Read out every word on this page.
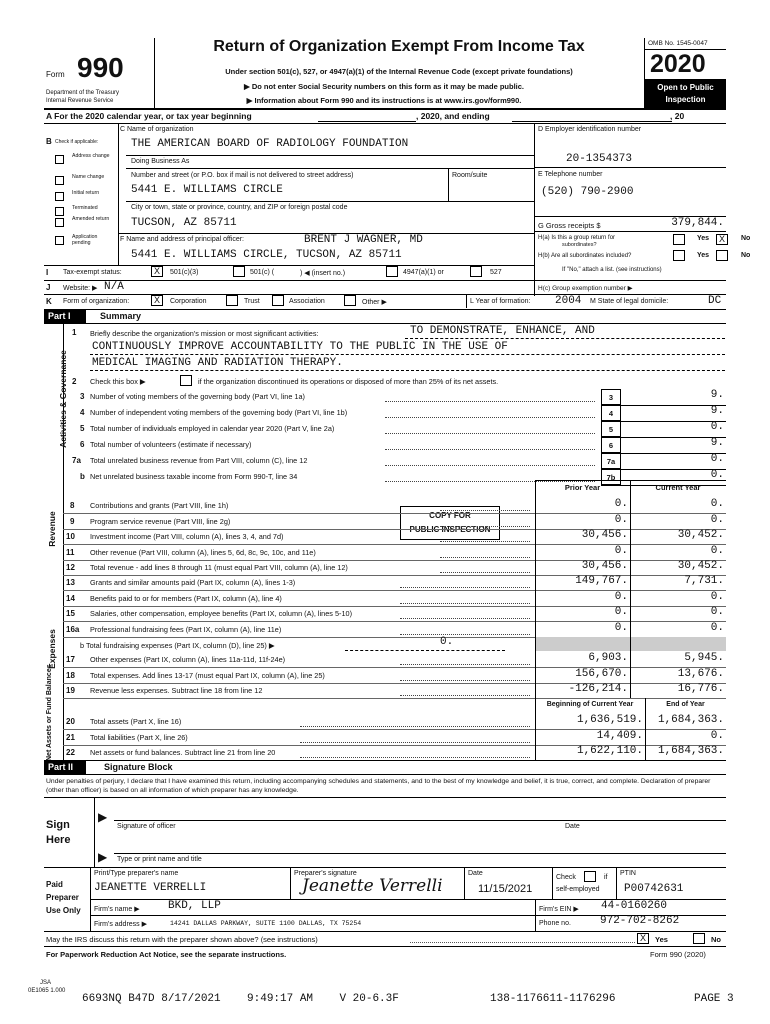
Form 990
Department of the Treasury
Internal Revenue Service
Return of Organization Exempt From Income Tax
Under section 501(c), 527, or 4947(a)(1) of the Internal Revenue Code (except private foundations)
▶ Do not enter Social Security numbers on this form as it may be made public.
▶ Information about Form 990 and its instructions is at www.irs.gov/form990.
OMB No. 1545-0047
2020
Open to Public
Inspection
A For the 2020 calendar year, or tax year beginning	, 2020, and ending	, 20
B Check if applicable:
Address change
Name change
Initial return
Terminated
Amended return
Application pending
C Name of organization
THE AMERICAN BOARD OF RADIOLOGY FOUNDATION
Doing Business As
Number and street (or P.O. box if mail is not delivered to street address)	Room/suite
5441 E. WILLIAMS CIRCLE
City or town, state or province, country, and ZIP or foreign postal code
TUCSON, AZ 85711
F Name and address of principal officer:	BRENT J WAGNER, MD
5441 E. WILLIAMS CIRCLE, TUCSON, AZ 85711
D Employer identification number
20-1354373
E Telephone number
(520) 790-2900
G Gross receipts $	379,844.
H(a) Is this a group return for
subordinates?
Yes	X	No
H(b) Are all subordinates included?	Yes	No
If "No," attach a list. (see instructions)
I Tax-exempt status:	X	501(c)(3)	501(c) (	) ◀ (insert no.)	4947(a)(1) or	527
J Website: ▶ N/A	H(c) Group exemption number ▶
K Form of organization:	X	Corporation	Trust	Association	Other ▶	L Year of formation: 2004 M State of legal domicile:	DC
Part I	Summary
Activities & Governance
Revenue
Expenses
Net Assets or Fund Balances
1 Briefly describe the organization's mission or most significant activities:	TO DEMONSTRATE, ENHANCE, AND
CONTINUOUSLY IMPROVE ACCOUNTABILITY TO THE PUBLIC IN THE USE OF
MEDICAL IMAGING AND RADIATION THERAPY.
2 Check this box ▶	if the organization discontinued its operations or disposed of more than 25% of its net assets.
3 Number of voting members of the governing body (Part VI, line 1a)	3	9.
4 Number of independent voting members of the governing body (Part VI, line 1b)	4	9.
5 Total number of individuals employed in calendar year 2020 (Part V, line 2a)	5	0.
6 Total number of volunteers (estimate if necessary)	6	9.
7a Total unrelated business revenue from Part VIII, column (C), line 12	7a	0.
b Net unrelated business taxable income from Form 990-T, line 34	7b	0.
Prior Year	Current Year
COPY FOR
PUBLIC INSPECTION
8 Contributions and grants (Part VIII, line 1h)	0.	0.
9 Program service revenue (Part VIII, line 2g)	0.	0.
10 Investment income (Part VIII, column (A), lines 3, 4, and 7d)	30,456.	30,452.
11 Other revenue (Part VIII, column (A), lines 5, 6d, 8c, 9c, 10c, and 11e)	0.	0.
12 Total revenue - add lines 8 through 11 (must equal Part VIII, column (A), line 12)	30,456.	30,452.
13 Grants and similar amounts paid (Part IX, column (A), lines 1-3)	149,767.	7,731.
14 Benefits paid to or for members (Part IX, column (A), line 4)	0.	0.
15 Salaries, other compensation, employee benefits (Part IX, column (A), lines 5-10)	0.	0.
16a Professional fundraising fees (Part IX, column (A), line 11e)	0.	0.
17 Other expenses (Part IX, column (A), lines 11a-11d, 11f-24e)	6,903.	5,945.
18 Total expenses. Add lines 13-17 (must equal Part IX, column (A), line 25)	156,670.	13,676.
19 Revenue less expenses. Subtract line 18 from line 12	-126,214.	16,776.
20 Total assets (Part X, line 16)	1,636,519.	1,684,363.
21 Total liabilities (Part X, line 26)	14,409.	0.
22 Net assets or fund balances. Subtract line 21 from line 20	1,622,110.	1,684,363.
b Total fundraising expenses (Part IX, column (D), line 25) ▶	0.
Beginning of Current Year	End of Year
Part II	Signature Block
Under penalties of perjury, I declare that I have examined this return, including accompanying schedules and statements, and to the best of my knowledge and belief, it is true, correct, and complete. Declaration of preparer (other than officer) is based on all information of which preparer has any knowledge.
Sign
Here
▶
▶
Signature of officer	Date
Type or print name and title
Paid
Preparer
Use Only
Print/Type preparer's name
JEANETTE VERRELLI
Preparer's signature
Jeanette Verrelli
Date
11/15/2021
Check	if
self-employed
PTIN
P00742631
Firm's name ▶	BKD, LLP	Firm's EIN ▶ 44-0160260
Firm's address ▶	14241 DALLAS PARKWAY, SUITE 1100 DALLAS, TX 75254	Phone no.	972-702-8262
May the IRS discuss this return with the preparer shown above? (see instructions)	X	Yes	No
For Paperwork Reduction Act Notice, see the separate instructions.	Form 990 (2020)
JSA
0E1065 1.000
6693NQ B47D 8/17/2021    9:49:17 AM    V 20-6.3F	138-1176611-1176296	PAGE 3
